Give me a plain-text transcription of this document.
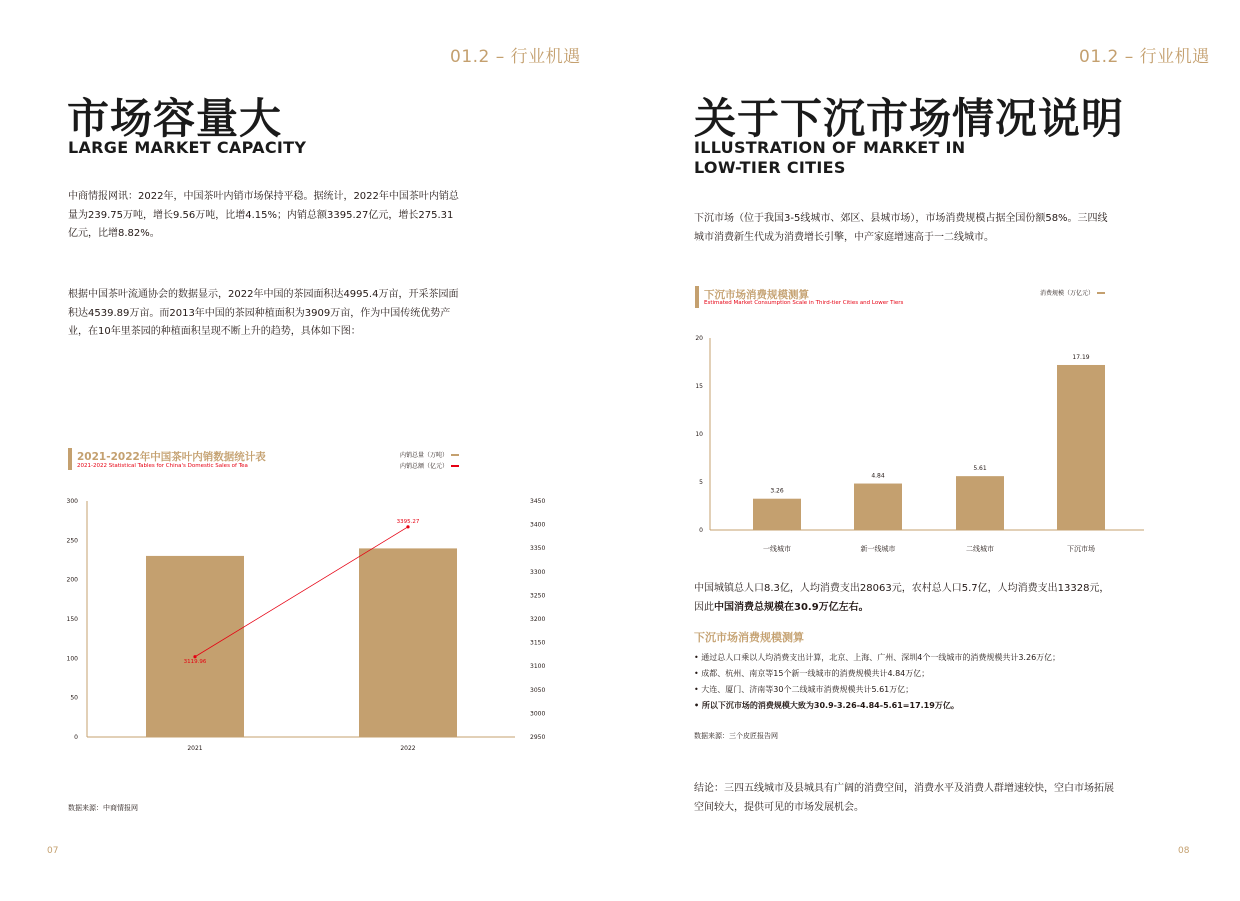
01.2 – 行业机遇
市场容量大
LARGE MARKET CAPACITY
中商情报网讯：2022年，中国茶叶内销市场保持平稳。据统计，2022年中国茶叶内销总量为239.75万吨，增长9.56万吨，比增4.15%；内销总额3395.27亿元，增长275.31亿元，比增8.82%。
根据中国茶叶流通协会的数据显示，2022年中国的茶园面积达4995.4万亩，开采茶园面积达4539.89万亩。而2013年中国的茶园种植面积为3909万亩，作为中国传统优势产业，在10年里茶园的种植面积呈现不断上升的趋势，具体如下图：
2021-2022年中国茶叶内销数据统计表
2021-2022 Statistical Tables for China's Domestic Sales of Tea
内销总量（万吨）
内销总额（亿元）
0
50
100
150
200
250
300
2950
3000
3050
3100
3150
3200
3250
3300
3350
3400
3450
2021	2022
3119.96
3395.27
数据来源：中商情报网
07
01.2 – 行业机遇
关于下沉市场情况说明
ILLUSTRATION OF MARKET IN
LOW-TIER CITIES
下沉市场（位于我国3-5线城市、郊区、县城市场），市场消费规模占据全国份额58%。三四线城市消费新生代成为消费增长引擎，中产家庭增速高于一二线城市。
下沉市场消费规模测算
Estimated Market Consumption Scale in Third-tier Cities and Lower Tiers
消费规模（万亿元）
0
5
10
15
20
3.26
一线城市
4.84
新一线城市
5.61
二线城市
17.19
下沉市场
中国城镇总人口8.3亿，人均消费支出28063元，农村总人口5.7亿，人均消费支出13328元，因此中国消费总规模在30.9万亿左右。
下沉市场消费规模测算
• 通过总人口乘以人均消费支出计算，北京、上海、广州、深圳4个一线城市的消费规模共计3.26万亿；
• 成都、杭州、南京等15个新一线城市的消费规模共计4.84万亿；
• 大连、厦门、济南等30个二线城市消费规模共计5.61万亿；
• 所以下沉市场的消费规模大致为30.9-3.26-4.84-5.61=17.19万亿。
数据来源：三个皮匠报告网
结论：三四五线城市及县城具有广阔的消费空间，消费水平及消费人群增速较快，空白市场拓展空间较大，提供可见的市场发展机会。
08
